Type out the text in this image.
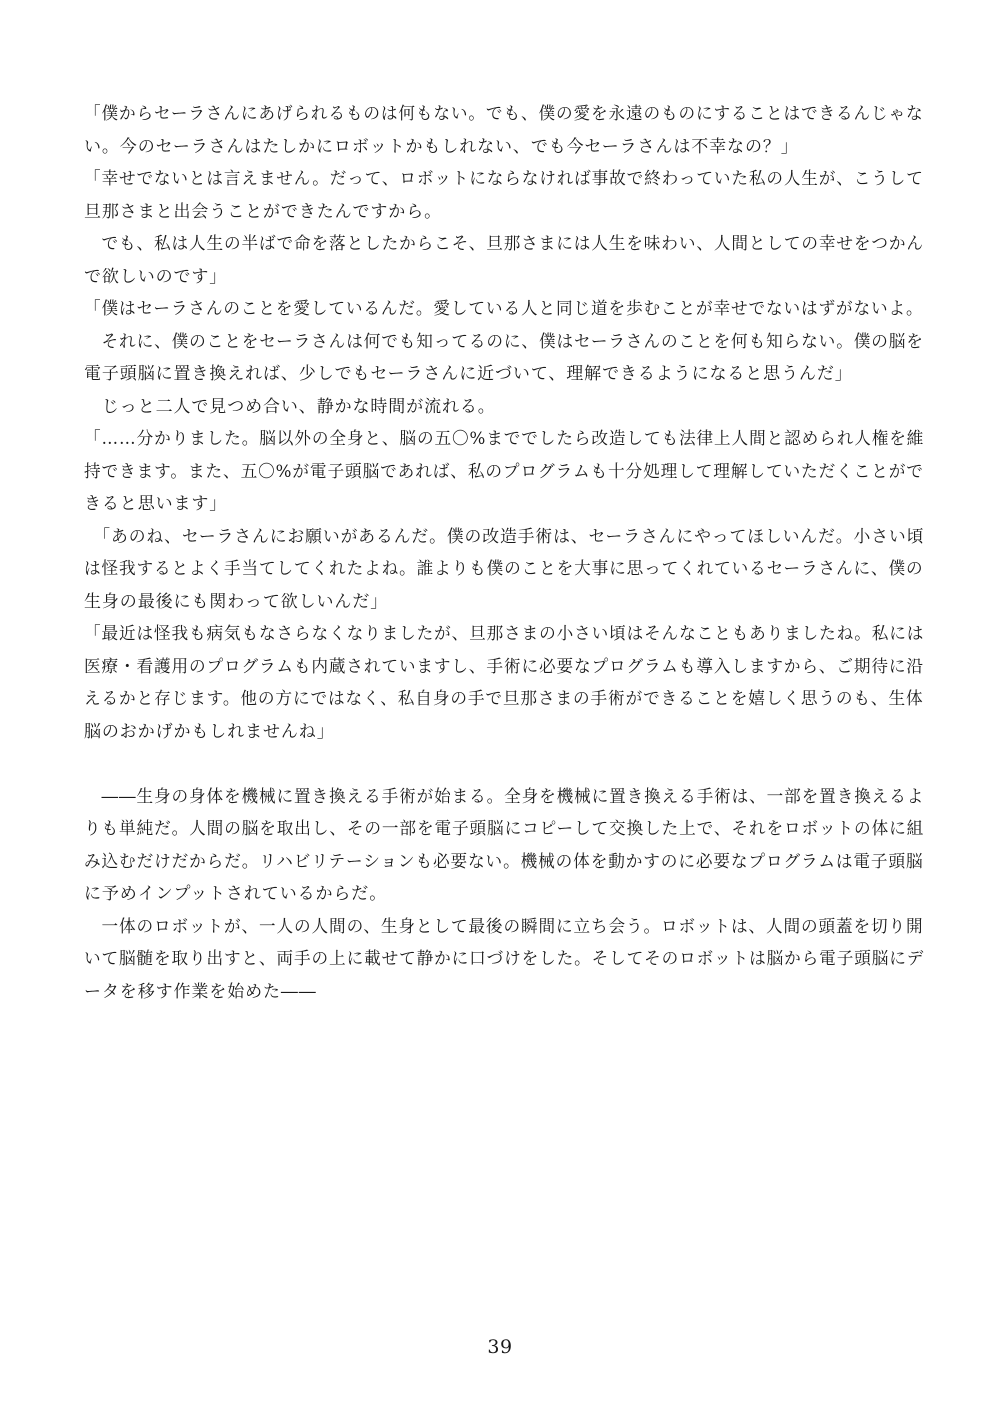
「僕からセーラさんにあげられるものは何もない。でも、僕の愛を永遠のものにすることはできるんじゃな
い。今のセーラさんはたしかにロボットかもしれない、でも今セーラさんは不幸なの？」
「幸せでないとは言えません。だって、ロボットにならなければ事故で終わっていた私の人生が、こうして
旦那さまと出会うことができたんですから。
　でも、私は人生の半ばで命を落としたからこそ、旦那さまには人生を味わい、人間としての幸せをつかん
で欲しいのです」
「僕はセーラさんのことを愛しているんだ。愛している人と同じ道を歩むことが幸せでないはずがないよ。
　それに、僕のことをセーラさんは何でも知ってるのに、僕はセーラさんのことを何も知らない。僕の脳を
電子頭脳に置き換えれば、少しでもセーラさんに近づいて、理解できるようになると思うんだ」
　じっと二人で見つめ合い、静かな時間が流れる。
「……分かりました。脳以外の全身と、脳の五〇%まででしたら改造しても法律上人間と認められ人権を維
持できます。また、五〇%が電子頭脳であれば、私のプログラムも十分処理して理解していただくことがで
きると思います」
　「あのね、セーラさんにお願いがあるんだ。僕の改造手術は、セーラさんにやってほしいんだ。小さい頃
は怪我するとよく手当てしてくれたよね。誰よりも僕のことを大事に思ってくれているセーラさんに、僕の
生身の最後にも関わって欲しいんだ」
「最近は怪我も病気もなさらなくなりましたが、旦那さまの小さい頃はそんなこともありましたね。私には
医療・看護用のプログラムも内蔵されていますし、手術に必要なプログラムも導入しますから、ご期待に沿
えるかと存じます。他の方にではなく、私自身の手で旦那さまの手術ができることを嬉しく思うのも、生体
脳のおかげかもしれませんね」
　――生身の身体を機械に置き換える手術が始まる。全身を機械に置き換える手術は、一部を置き換えるよ
りも単純だ。人間の脳を取出し、その一部を電子頭脳にコピーして交換した上で、それをロボットの体に組
み込むだけだからだ。リハビリテーションも必要ない。機械の体を動かすのに必要なプログラムは電子頭脳
に予めインプットされているからだ。
　一体のロボットが、一人の人間の、生身として最後の瞬間に立ち会う。ロボットは、人間の頭蓋を切り開
いて脳髄を取り出すと、両手の上に載せて静かに口づけをした。そしてそのロボットは脳から電子頭脳にデ
ータを移す作業を始めた――
39
